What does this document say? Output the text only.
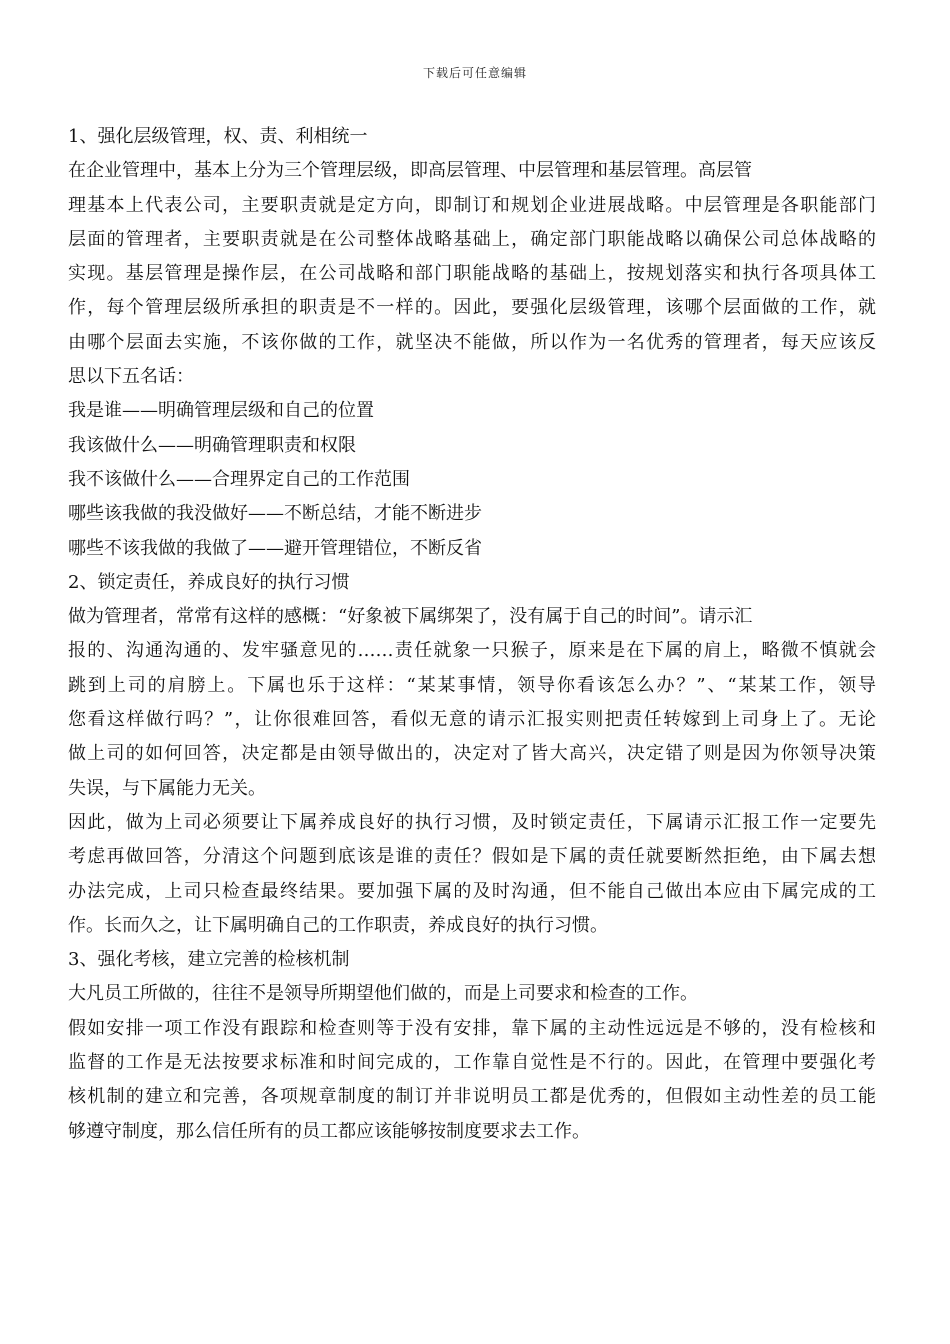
下载后可任意编辑
1、强化层级管理，权、责、利相统一
在企业管理中，基本上分为三个管理层级，即高层管理、中层管理和基层管理。高层管
理基本上代表公司，主要职责就是定方向，即制订和规划企业进展战略。中层管理是各职能部门
层面的管理者，主要职责就是在公司整体战略基础上，确定部门职能战略以确保公司总体战略的
实现。基层管理是操作层，在公司战略和部门职能战略的基础上，按规划落实和执行各项具体工
作，每个管理层级所承担的职责是不一样的。因此，要强化层级管理，该哪个层面做的工作，就
由哪个层面去实施，不该你做的工作，就坚决不能做，所以作为一名优秀的管理者，每天应该反
思以下五名话：
我是谁——明确管理层级和自己的位置
我该做什么——明确管理职责和权限
我不该做什么——合理界定自己的工作范围
哪些该我做的我没做好——不断总结，才能不断进步
哪些不该我做的我做了——避开管理错位，不断反省
2、锁定责任，养成良好的执行习惯
做为管理者，常常有这样的感概：“好象被下属绑架了，没有属于自己的时间”。请示汇
报的、沟通沟通的、发牢骚意见的……责任就象一只猴子，原来是在下属的肩上，略微不慎就会
跳到上司的肩膀上。下属也乐于这样：“某某事情，领导你看该怎么办？”、“某某工作，领导
您看这样做行吗？”，让你很难回答，看似无意的请示汇报实则把责任转嫁到上司身上了。无论
做上司的如何回答，决定都是由领导做出的，决定对了皆大高兴，决定错了则是因为你领导决策
失误，与下属能力无关。
因此，做为上司必须要让下属养成良好的执行习惯，及时锁定责任，下属请示汇报工作一定要先
考虑再做回答，分清这个问题到底该是谁的责任？假如是下属的责任就要断然拒绝，由下属去想
办法完成，上司只检查最终结果。要加强下属的及时沟通，但不能自己做出本应由下属完成的工
作。长而久之，让下属明确自己的工作职责，养成良好的执行习惯。
3、强化考核，建立完善的检核机制
大凡员工所做的，往往不是领导所期望他们做的，而是上司要求和检查的工作。
假如安排一项工作没有跟踪和检查则等于没有安排，靠下属的主动性远远是不够的，没有检核和
监督的工作是无法按要求标准和时间完成的，工作靠自觉性是不行的。因此，在管理中要强化考
核机制的建立和完善，各项规章制度的制订并非说明员工都是优秀的，但假如主动性差的员工能
够遵守制度，那么信任所有的员工都应该能够按制度要求去工作。
